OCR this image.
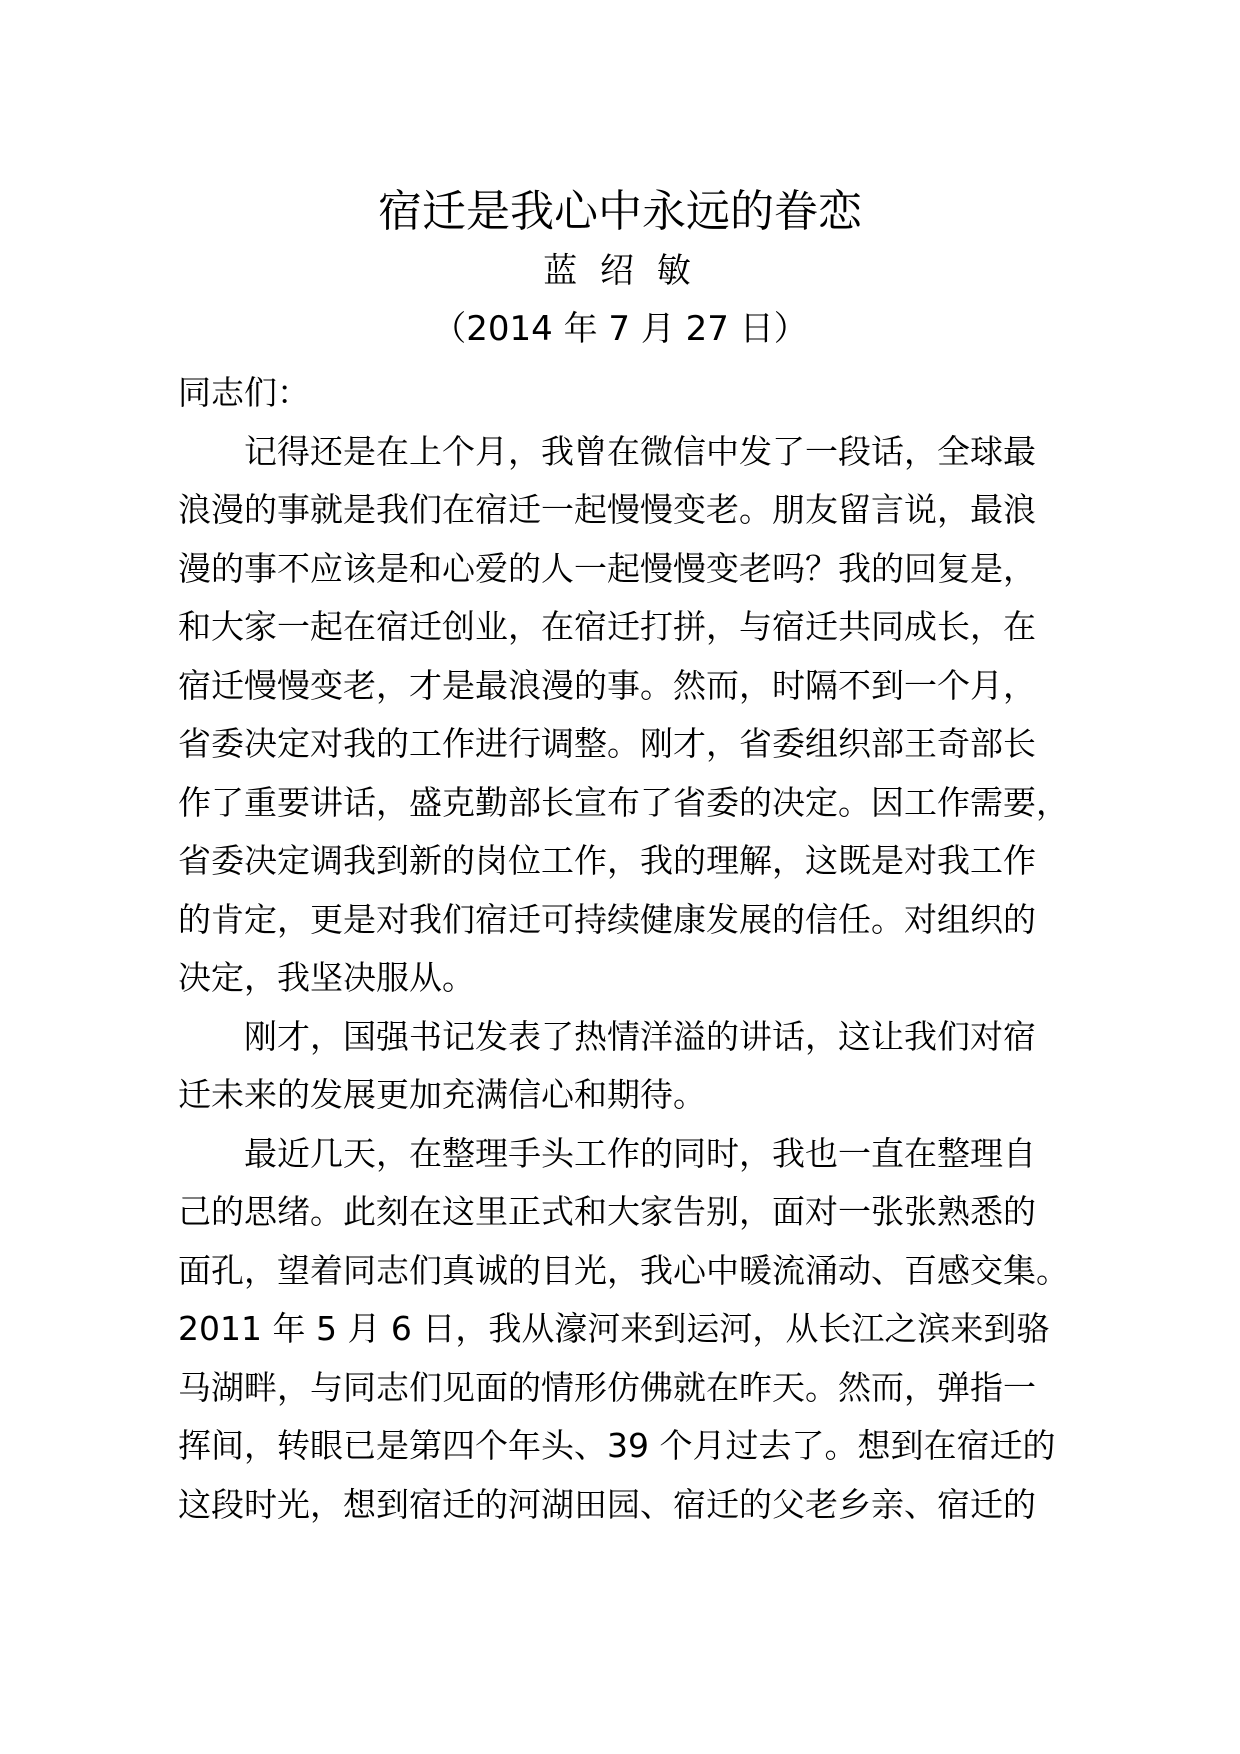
宿迁是我心中永远的眷恋
蓝 绍 敏
（2014 年 7 月 27 日）
同志们：
记得还是在上个月，我曾在微信中发了一段话，全球最
浪漫的事就是我们在宿迁一起慢慢变老。朋友留言说，最浪
漫的事不应该是和心爱的人一起慢慢变老吗？我的回复是，
和大家一起在宿迁创业，在宿迁打拼，与宿迁共同成长，在
宿迁慢慢变老，才是最浪漫的事。然而，时隔不到一个月，
省委决定对我的工作进行调整。刚才，省委组织部王奇部长
作了重要讲话，盛克勤部长宣布了省委的决定。因工作需要，
省委决定调我到新的岗位工作，我的理解，这既是对我工作
的肯定，更是对我们宿迁可持续健康发展的信任。对组织的
决定，我坚决服从。
刚才，国强书记发表了热情洋溢的讲话，这让我们对宿
迁未来的发展更加充满信心和期待。
最近几天，在整理手头工作的同时，我也一直在整理自
己的思绪。此刻在这里正式和大家告别，面对一张张熟悉的
面孔，望着同志们真诚的目光，我心中暖流涌动、百感交集。
2011 年 5 月 6 日，我从濠河来到运河，从长江之滨来到骆
马湖畔，与同志们见面的情形仿佛就在昨天。然而，弹指一
挥间，转眼已是第四个年头、39 个月过去了。想到在宿迁的
这段时光，想到宿迁的河湖田园、宿迁的父老乡亲、宿迁的
